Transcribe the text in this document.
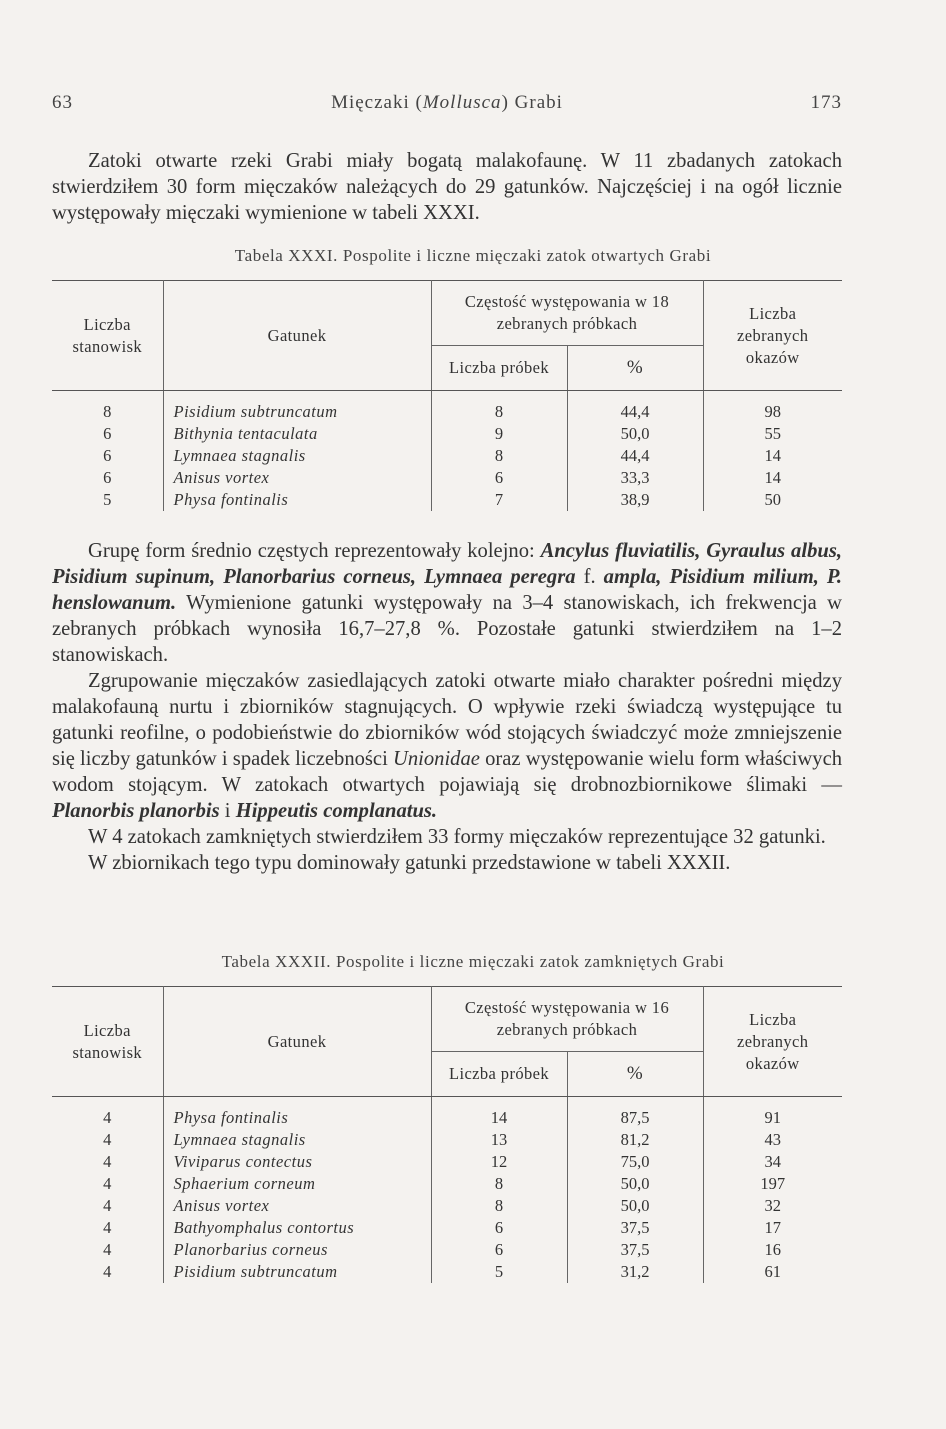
63	Mięczaki (Mollusca) Grabi	173

Zatoki otwarte rzeki Grabi miały bogatą malakofaunę. W 11 zbadanych zatokach stwierdziłem 30 form mięczaków należących do 29 gatunków. Najczęściej i na ogół licznie występowały mięczaki wymienione w tabeli XXXI.

Tabela XXXI. Pospolite i liczne mięczaki zatok otwartych Grabi
Liczba stanowisk	Gatunek	Częstość występowania w 18 zebranych próbkach		Liczba zebranych okazów
		Liczba próbek	%	
8	Pisidium subtruncatum	8	44,4	98
6	Bithynia tentaculata	9	50,0	55
6	Lymnaea stagnalis	8	44,4	14
6	Anisus vortex	6	33,3	14
5	Physa fontinalis	7	38,9	50

Grupę form średnio częstych reprezentowały kolejno: Ancylus fluviatilis, Gyraulus albus, Pisidium supinum, Planorbarius corneus, Lymnaea peregra f. ampla, Pisidium milium, P. henslowanum. Wymienione gatunki występowały na 3–4 stanowiskach, ich frekwencja w zebranych próbkach wynosiła 16,7–27,8 %. Pozostałe gatunki stwierdziłem na 1–2 stanowiskach.

Zgrupowanie mięczaków zasiedlających zatoki otwarte miało charakter pośredni między malakofauną nurtu i zbiorników stagnujących. O wpływie rzeki świadczą występujące tu gatunki reofilne, o podobieństwie do zbiorników wód stojących świadczyć może zmniejszenie się liczby gatunków i spadek liczebności Unionidae oraz występowanie wielu form właściwych wodom stojącym. W zatokach otwartych pojawiają się drobnozbiornikowe ślimaki — Planorbis planorbis i Hippeutis complanatus.

W 4 zatokach zamkniętych stwierdziłem 33 formy mięczaków reprezentujące 32 gatunki.

W zbiornikach tego typu dominowały gatunki przedstawione w tabeli XXXII.

Tabela XXXII. Pospolite i liczne mięczaki zatok zamkniętych Grabi
Liczba stanowisk	Gatunek	Częstość występowania w 16 zebranych próbkach		Liczba zebranych okazów
		Liczba próbek	%	
4	Physa fontinalis	14	87,5	91
4	Lymnaea stagnalis	13	81,2	43
4	Viviparus contectus	12	75,0	34
4	Sphaerium corneum	8	50,0	197
4	Anisus vortex	8	50,0	32
4	Bathyomphalus contortus	6	37,5	17
4	Planorbarius corneus	6	37,5	16
4	Pisidium subtruncatum	5	31,2	61
